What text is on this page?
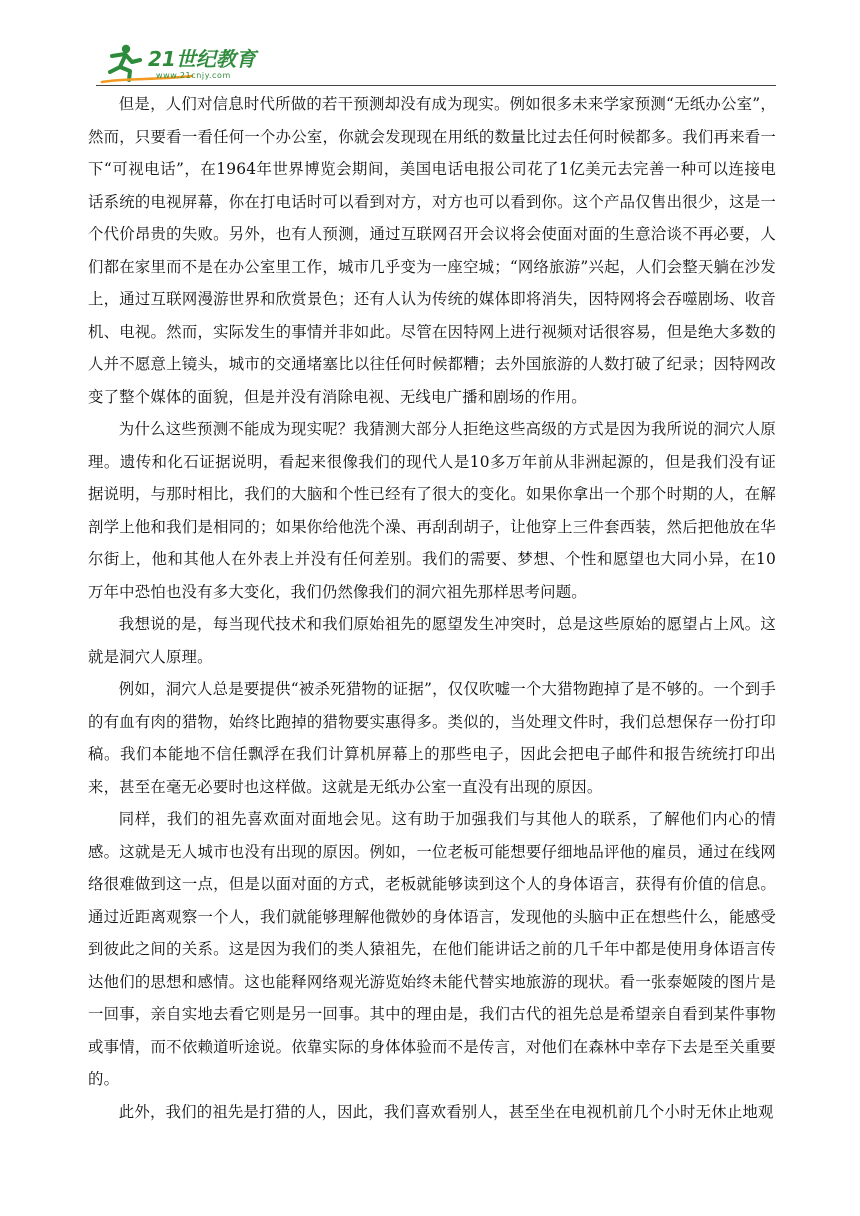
21世纪教育
www.21cnjy.com

但是，人们对信息时代所做的若干预测却没有成为现实。例如很多未来学家预测“无纸办公室”，然而，只要看一看任何一个办公室，你就会发现现在用纸的数量比过去任何时候都多。我们再来看一下“可视电话”，在1964年世界博览会期间，美国电话电报公司花了1亿美元去完善一种可以连接电话系统的电视屏幕，你在打电话时可以看到对方，对方也可以看到你。这个产品仅售出很少，这是一个代价昂贵的失败。另外，也有人预测，通过互联网召开会议将会使面对面的生意洽谈不再必要，人们都在家里而不是在办公室里工作，城市几乎变为一座空城；“网络旅游”兴起，人们会整天躺在沙发上，通过互联网漫游世界和欣赏景色；还有人认为传统的媒体即将消失，因特网将会吞噬剧场、收音机、电视。然而，实际发生的事情并非如此。尽管在因特网上进行视频对话很容易，但是绝大多数的人并不愿意上镜头，城市的交通堵塞比以往任何时候都糟；去外国旅游的人数打破了纪录；因特网改变了整个媒体的面貌，但是并没有消除电视、无线电广播和剧场的作用。

为什么这些预测不能成为现实呢？我猜测大部分人拒绝这些高级的方式是因为我所说的洞穴人原理。遗传和化石证据说明，看起来很像我们的现代人是10多万年前从非洲起源的，但是我们没有证据说明，与那时相比，我们的大脑和个性已经有了很大的变化。如果你拿出一个那个时期的人，在解剖学上他和我们是相同的；如果你给他洗个澡、再刮刮胡子，让他穿上三件套西装，然后把他放在华尔街上，他和其他人在外表上并没有任何差别。我们的需要、梦想、个性和愿望也大同小异，在10万年中恐怕也没有多大变化，我们仍然像我们的洞穴祖先那样思考问题。

我想说的是，每当现代技术和我们原始祖先的愿望发生冲突时，总是这些原始的愿望占上风。这就是洞穴人原理。

例如，洞穴人总是要提供“被杀死猎物的证据”，仅仅吹嘘一个大猎物跑掉了是不够的。一个到手的有血有肉的猎物，始终比跑掉的猎物要实惠得多。类似的，当处理文件时，我们总想保存一份打印稿。我们本能地不信任飘浮在我们计算机屏幕上的那些电子，因此会把电子邮件和报告统统打印出来，甚至在毫无必要时也这样做。这就是无纸办公室一直没有出现的原因。

同样，我们的祖先喜欢面对面地会见。这有助于加强我们与其他人的联系，了解他们内心的情感。这就是无人城市也没有出现的原因。例如，一位老板可能想要仔细地品评他的雇员，通过在线网络很难做到这一点，但是以面对面的方式，老板就能够读到这个人的身体语言，获得有价值的信息。通过近距离观察一个人，我们就能够理解他微妙的身体语言，发现他的头脑中正在想些什么，能感受到彼此之间的关系。这是因为我们的类人猿祖先，在他们能讲话之前的几千年中都是使用身体语言传达他们的思想和感情。这也能释网络观光游览始终未能代替实地旅游的现状。看一张泰姬陵的图片是一回事，亲自实地去看它则是另一回事。其中的理由是，我们古代的祖先总是希望亲自看到某件事物或事情，而不依赖道听途说。依靠实际的身体体验而不是传言，对他们在森林中幸存下去是至关重要的。

此外，我们的祖先是打猎的人，因此，我们喜欢看别人，甚至坐在电视机前几个小时无休止地观
